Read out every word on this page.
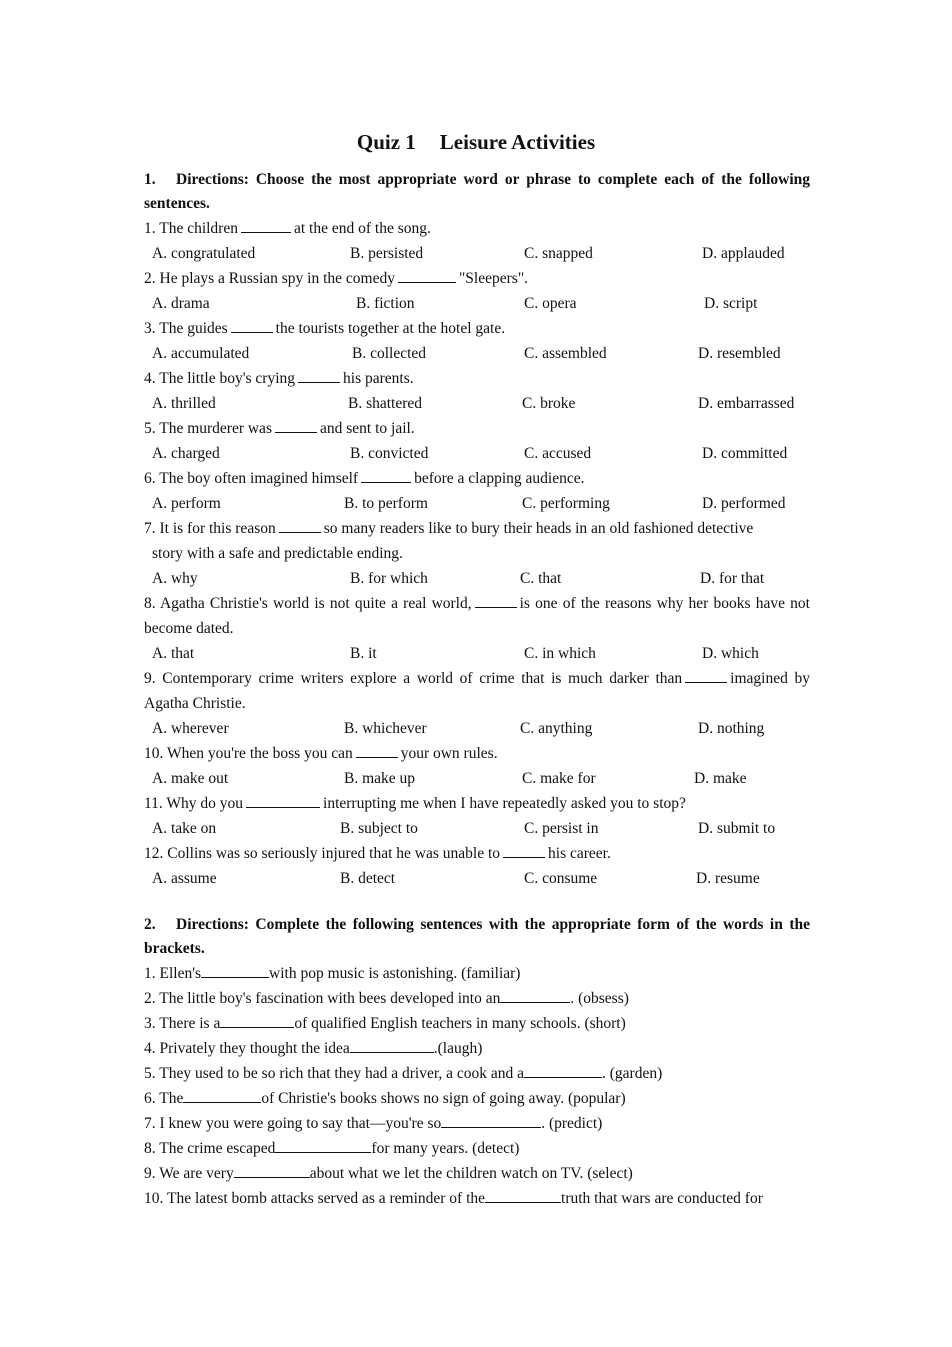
Quiz 1 Leisure Activities
1. Directions: Choose the most appropriate word or phrase to complete each of the following sentences.
1. The children	at the end of the song.
A. congratulated	B. persisted	C. snapped	D. applauded
2. He plays a Russian spy in the comedy	"Sleepers".
A. drama	B. fiction	C. opera	D. script
3. The guides	the tourists together at the hotel gate.
A. accumulated	B. collected	C. assembled	D. resembled
4. The little boy's crying	his parents.
A. thrilled	B. shattered	C. broke	D. embarrassed
5. The murderer was	and sent to jail.
A. charged	B. convicted	C. accused	D. committed
6. The boy often imagined himself	before a clapping audience.
A. perform	B. to perform	C. performing	D. performed
7. It is for this reason	so many readers like to bury their heads in an old fashioned detective
story with a safe and predictable ending.
A. why	B. for which	C. that	D. for that
8. Agatha Christie's world is not quite a real world,	is one of the reasons why her books have not become dated.
A. that	B. it	C. in which	D. which
9. Contemporary crime writers explore a world of crime that is much darker than	imagined by Agatha Christie.
A. wherever	B. whichever	C. anything	D. nothing
10. When you're the boss you can	your own rules.
A. make out	B. make up	C. make for	D. make
11. Why do you	interrupting me when I have repeatedly asked you to stop?
A. take on	B. subject to	C. persist in	D. submit to
12. Collins was so seriously injured that he was unable to	his career.
A. assume	B. detect	C. consume	D. resume
2. Directions: Complete the following sentences with the appropriate form of the words in the brackets.
1. Ellen's	with pop music is astonishing. (familiar)
2. The little boy's fascination with bees developed into an	. (obsess)
3. There is a	of qualified English teachers in many schools. (short)
4. Privately they thought the idea	.(laugh)
5. They used to be so rich that they had a driver, a cook and a	. (garden)
6. The	of Christie's books shows no sign of going away. (popular)
7. I knew you were going to say that—you're so	. (predict)
8. The crime escaped	for many years. (detect)
9. We are very	about what we let the children watch on TV. (select)
10. The latest bomb attacks served as a reminder of the	truth that wars are conducted for
